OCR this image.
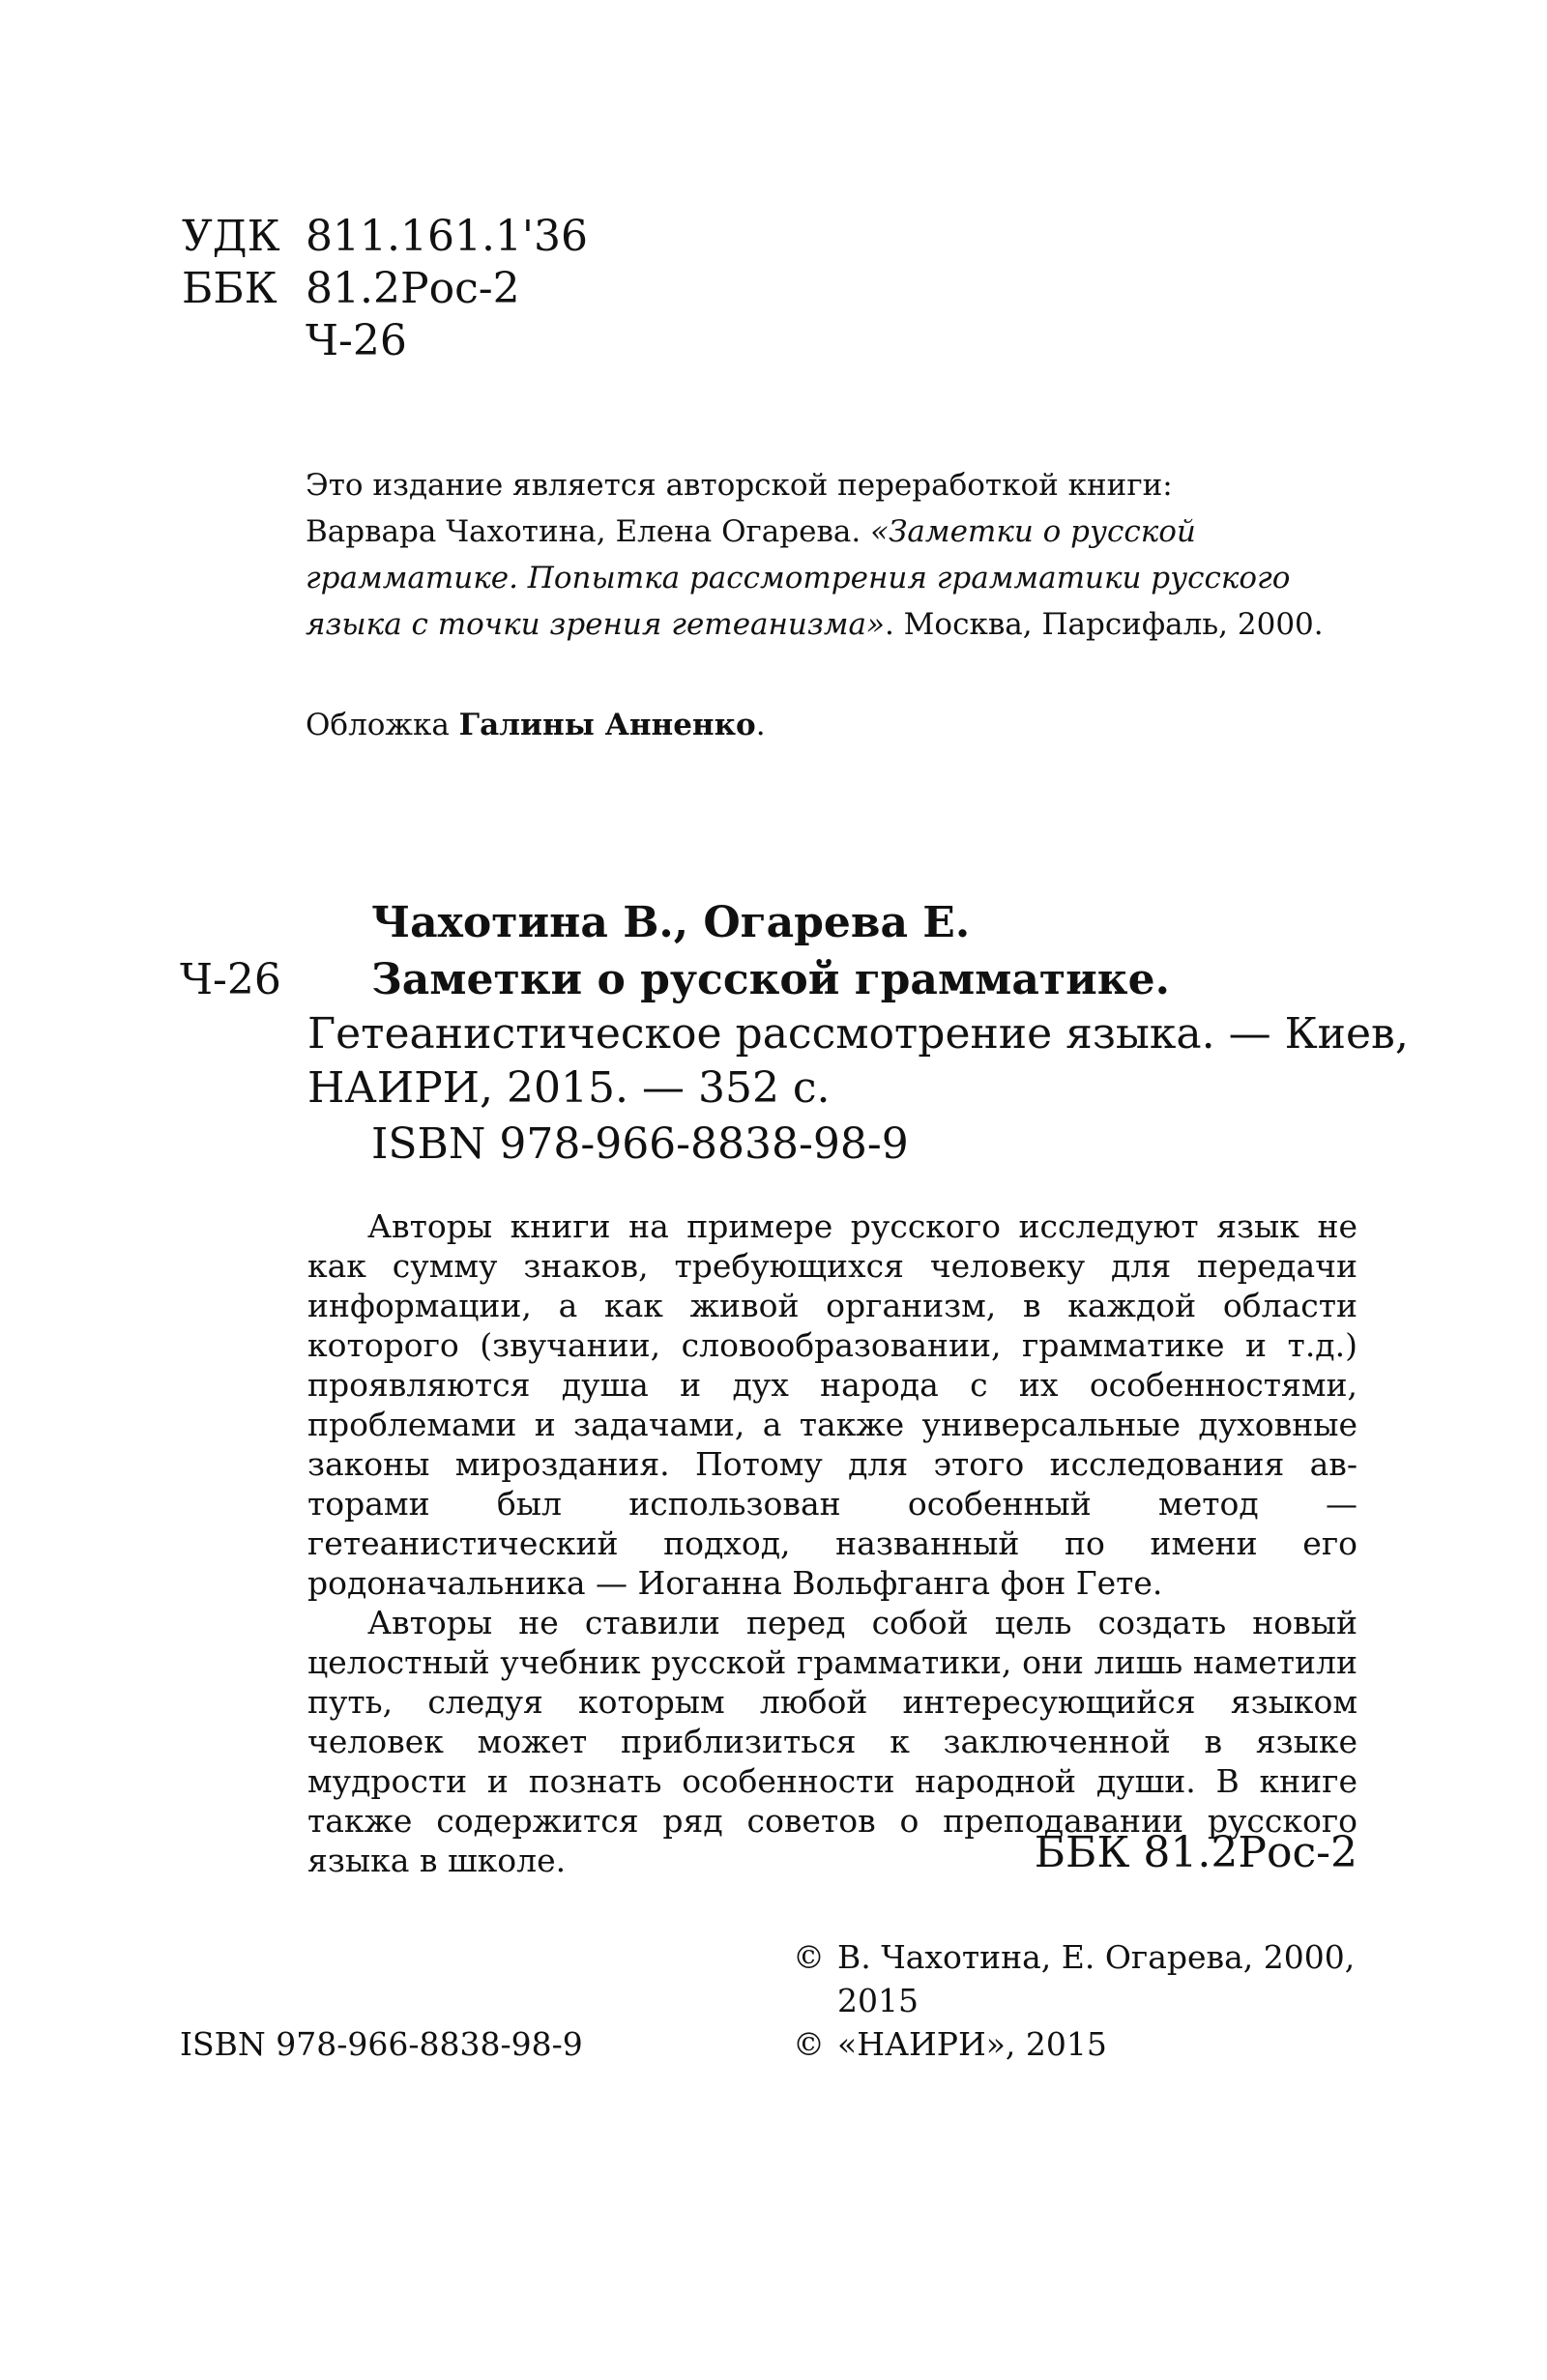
УДК 811.161.1'36
ББК 81.2Рос-2
Ч-26
Это издание является авторской переработкой книги:
Варвара Чахотина, Елена Огарева. «Заметки о русской
грамматике. Попытка рассмотрения грамматики русского
языка с точки зрения гетеанизма». Москва, Парсифаль, 2000.
Обложка Галины Анненко.
Чахотина В., Огарева Е.
Ч-26 Заметки о русской грамматике.
Гетеанистическое рассмотрение языка. — Киев,
НАИРИ, 2015. — 352 с.
ISBN 978-966-8838-98-9

Авторы книги на примере русского исследуют язык не как сумму знаков, требующихся человеку для передачи информации, а как живой организм, в каждой области которого (звучании, словообразовании, грамматике и т.д.) проявляются душа и дух народа с их особенностями, проблемами и задачами, а также универсальные духовные законы мироздания. Потому для этого исследования авторами был использован особенный метод — гетеанистический подход, названный по имени его родоначальника — Иоганна Вольфганга фон Гете.

Авторы не ставили перед собой цель создать новый целостный учебник русской грамматики, они лишь наметили путь, следуя которым любой интересующийся языком человек может приблизиться к заключенной в языке мудрости и познать особенности народной души. В книге также содержится ряд советов о преподавании русского языка в школе.	ББК 81.2Рос-2
© В. Чахотина, Е. Огарева, 2000,
2015
© «НАИРИ», 2015
ISBN 978-966-8838-98-9
